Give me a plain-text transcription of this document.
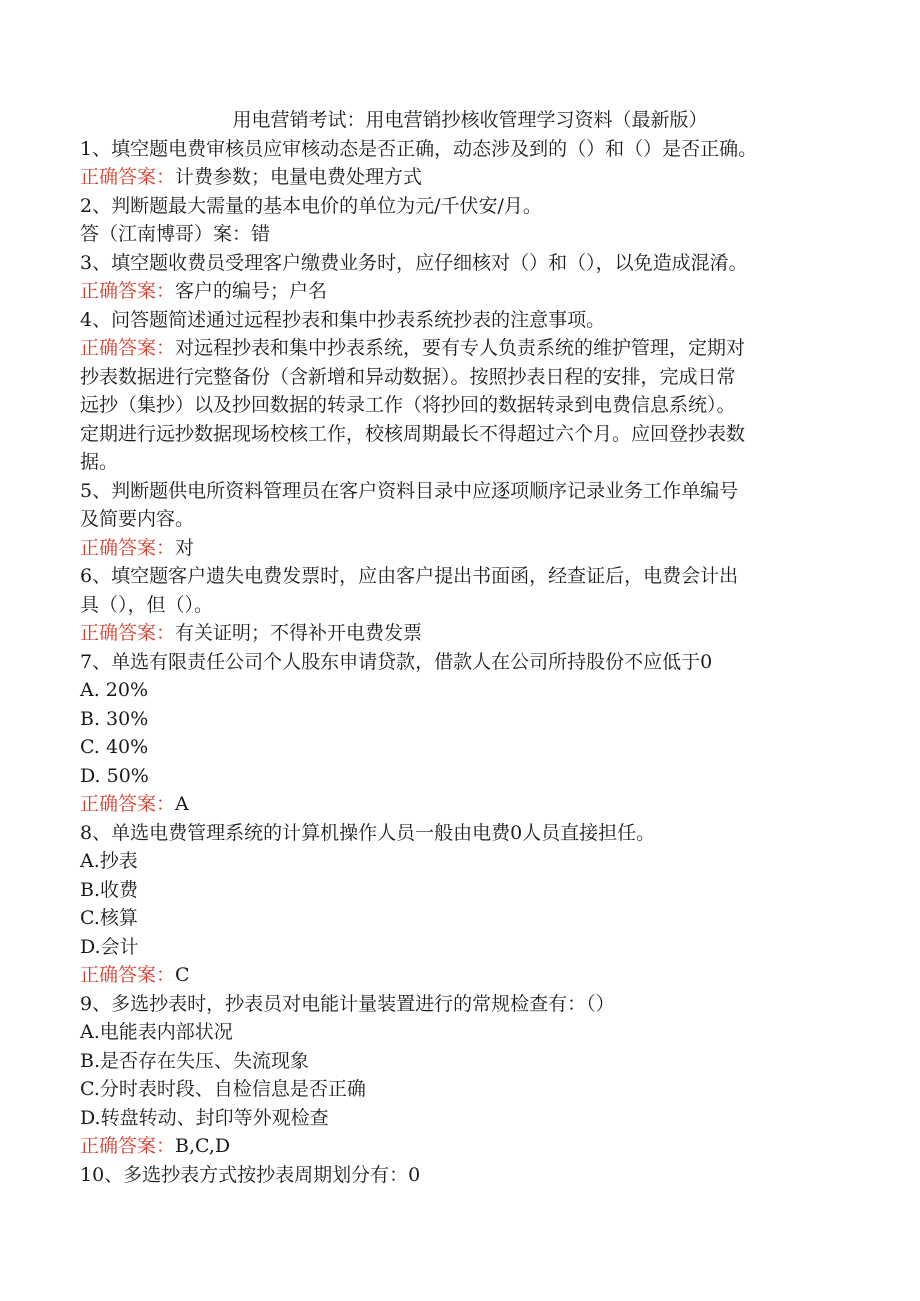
用电营销考试：用电营销抄核收管理学习资料（最新版）
1、填空题电费审核员应审核动态是否正确，动态涉及到的（）和（）是否正确。
正确答案：计费参数；电量电费处理方式
2、判断题最大需量的基本电价的单位为元/千伏安/月。
答（江南博哥）案：错
3、填空题收费员受理客户缴费业务时，应仔细核对（）和（），以免造成混淆。
正确答案：客户的编号；户名
4、问答题简述通过远程抄表和集中抄表系统抄表的注意事项。
正确答案：对远程抄表和集中抄表系统，要有专人负责系统的维护管理，定期对
抄表数据进行完整备份（含新增和异动数据）。按照抄表日程的安排，完成日常
远抄（集抄）以及抄回数据的转录工作（将抄回的数据转录到电费信息系统）。
定期进行远抄数据现场校核工作，校核周期最长不得超过六个月。应回登抄表数
据。
5、判断题供电所资料管理员在客户资料目录中应逐项顺序记录业务工作单编号
及简要内容。
正确答案：对
6、填空题客户遗失电费发票时，应由客户提出书面函，经查证后，电费会计出
具（），但（）。
正确答案：有关证明；不得补开电费发票
7、单选有限责任公司个人股东申请贷款，借款人在公司所持股份不应低于0
A. 20%
B. 30%
C. 40%
D. 50%
正确答案：A
8、单选电费管理系统的计算机操作人员一般由电费0人员直接担任。
A.抄表
B.收费
C.核算
D.会计
正确答案：C
9、多选抄表时，抄表员对电能计量装置进行的常规检查有：（）
A.电能表内部状况
B.是否存在失压、失流现象
C.分时表时段、自检信息是否正确
D.转盘转动、封印等外观检查
正确答案：B,C,D
10、多选抄表方式按抄表周期划分有：0
